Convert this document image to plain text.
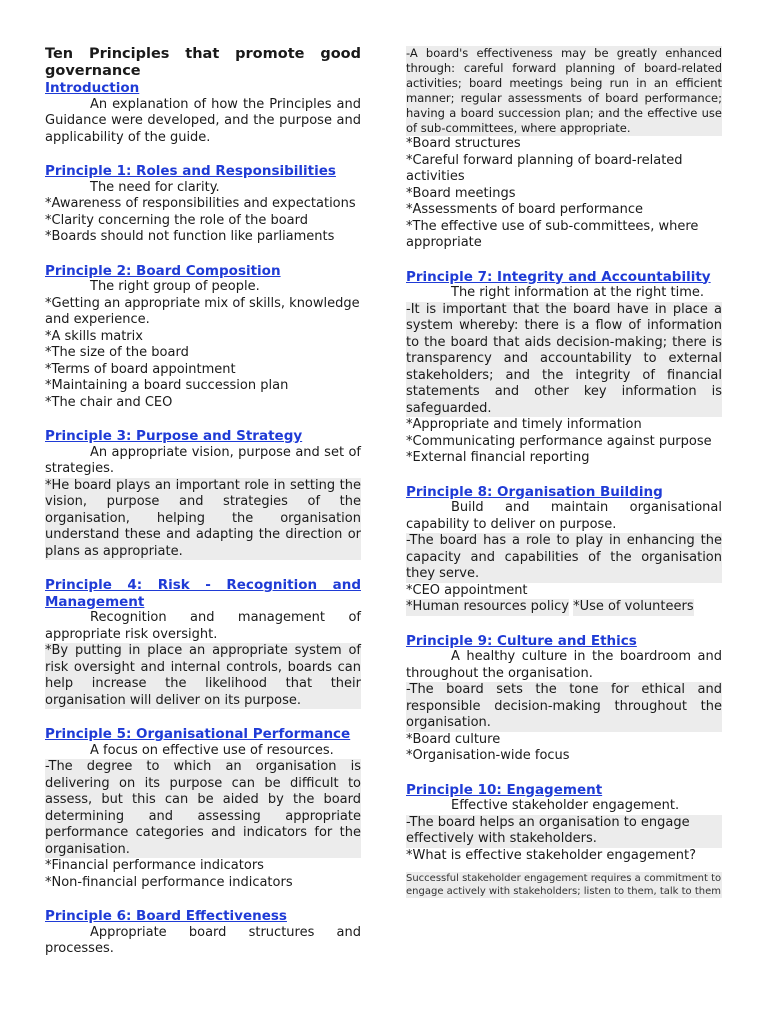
Ten Principles that promote good governance
Introduction

An explanation of how the Principles and Guidance were developed, and the purpose and applicability of the guide.

Principle 1: Roles and Responsibilities

The need for clarity.

*Awareness of responsibilities and expectations

*Clarity concerning the role of the board

*Boards should not function like parliaments

Principle 2: Board Composition

The right group of people.

*Getting an appropriate mix of skills, knowledge and experience.

*A skills matrix

*The size of the board

*Terms of board appointment

*Maintaining a board succession plan

*The chair and CEO

Principle 3: Purpose and Strategy

An appropriate vision, purpose and set of strategies.

*He board plays an important role in setting the vision, purpose and strategies of the organisation, helping the organisation understand these and adapting the direction or plans as appropriate.

Principle 4: Risk - Recognition and Management

Recognition and management of appropriate risk oversight.

*By putting in place an appropriate system of risk oversight and internal controls, boards can help increase the likelihood that their organisation will deliver on its purpose.

Principle 5: Organisational Performance

A focus on effective use of resources.

-The degree to which an organisation is delivering on its purpose can be difficult to assess, but this can be aided by the board determining and assessing appropriate performance categories and indicators for the organisation.

*Financial performance indicators

*Non-financial performance indicators

Principle 6: Board Effectiveness

Appropriate board structures and processes.

-A board's effectiveness may be greatly enhanced through: careful forward planning of board-related activities; board meetings being run in an efficient manner; regular assessments of board performance; having a board succession plan; and the effective use of sub-committees, where appropriate.

*Board structures

*Careful forward planning of board-related activities

*Board meetings

*Assessments of board performance

*The effective use of sub-committees, where appropriate

Principle 7: Integrity and Accountability

The right information at the right time.

-It is important that the board have in place a system whereby: there is a flow of information to the board that aids decision-making; there is transparency and accountability to external stakeholders; and the integrity of financial statements and other key information is safeguarded.

*Appropriate and timely information

*Communicating performance against purpose

*External financial reporting

Principle 8: Organisation Building

Build and maintain organisational capability to deliver on purpose.

-The board has a role to play in enhancing the capacity and capabilities of the organisation they serve.

*CEO appointment

*Human resources policy

*Use of volunteers

Principle 9: Culture and Ethics

A healthy culture in the boardroom and throughout the organisation.

-The board sets the tone for ethical and responsible decision-making throughout the organisation.

*Board culture

*Organisation-wide focus

Principle 10: Engagement

Effective stakeholder engagement.

-The board helps an organisation to engage effectively with stakeholders.

*What is effective stakeholder engagement?

Successful stakeholder engagement requires a commitment to engage actively with stakeholders; listen to them, talk to them
